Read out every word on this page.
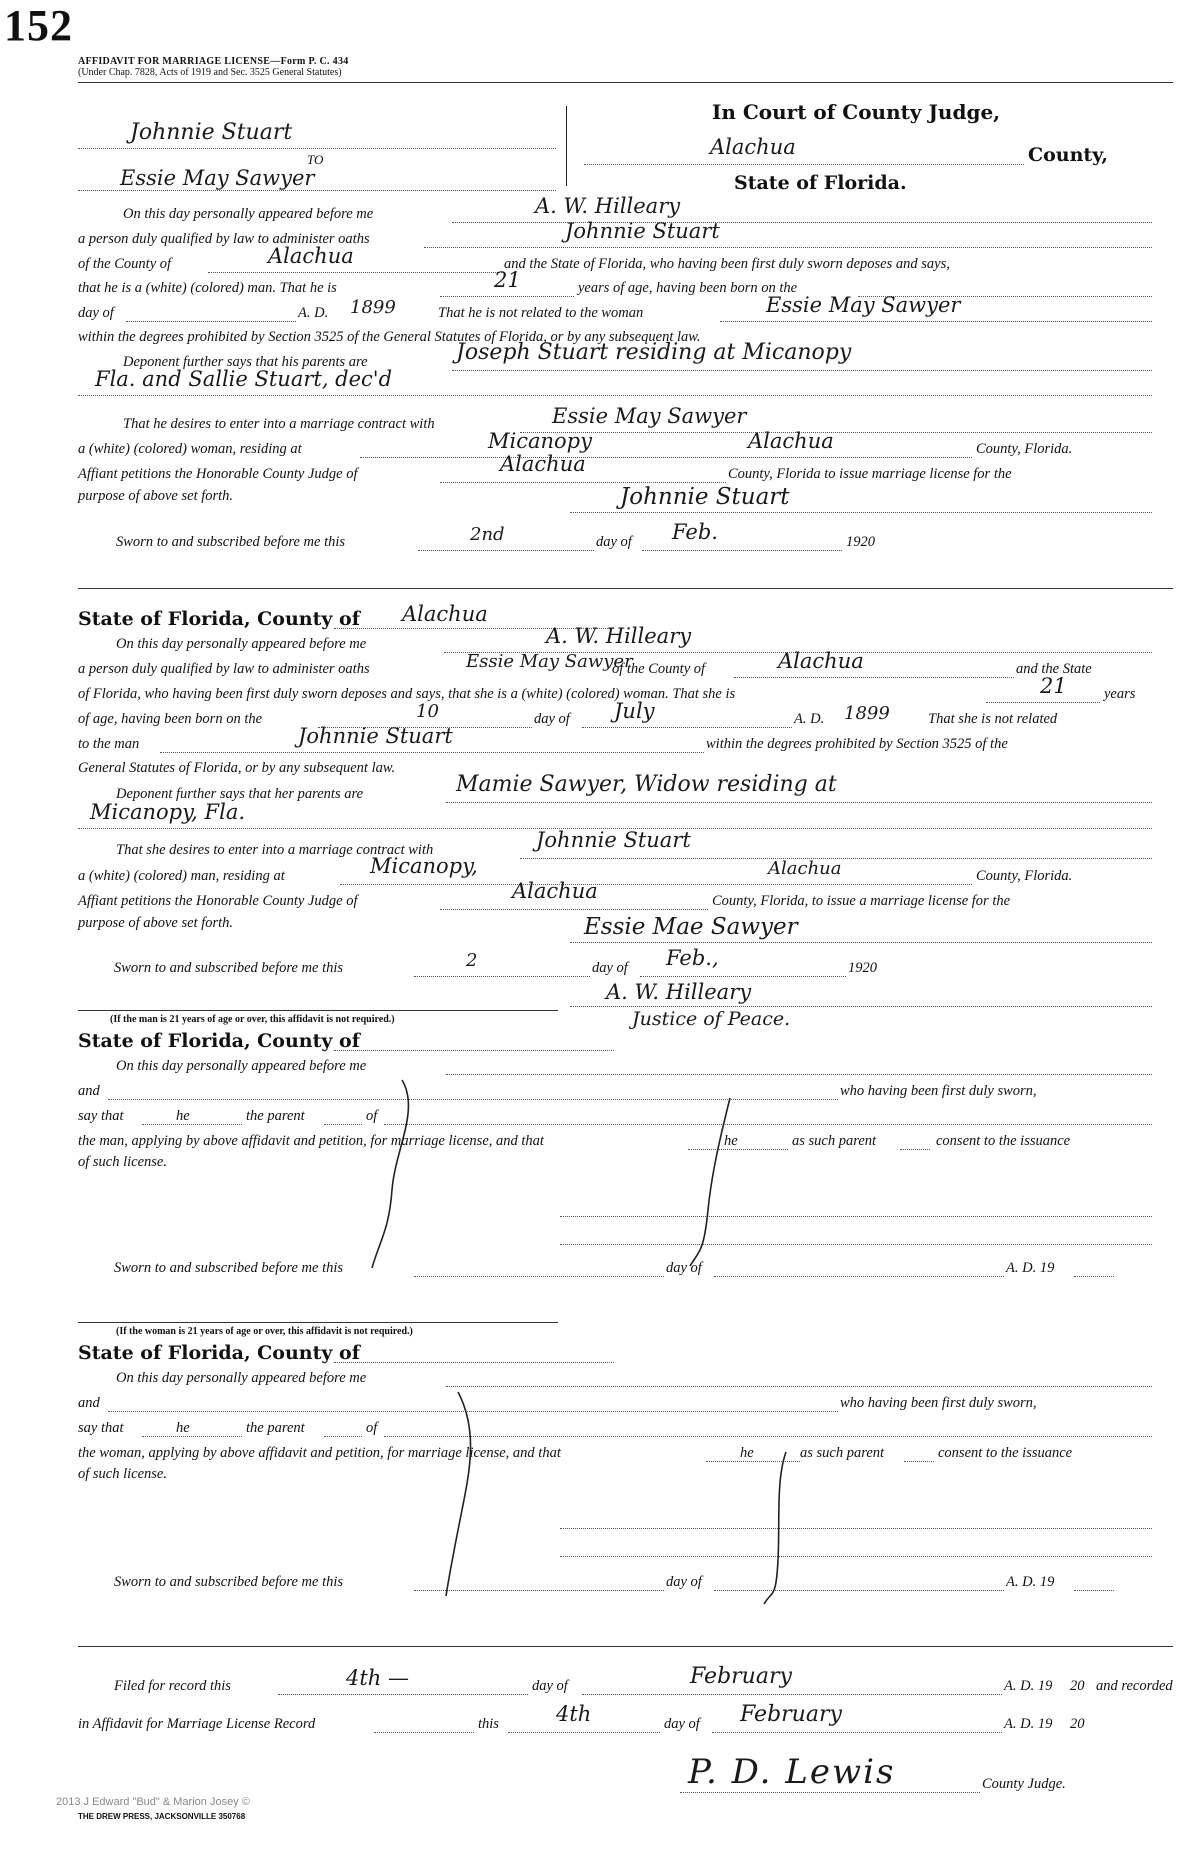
152
AFFIDAVIT FOR MARRIAGE LICENSE—Form P. C. 434
(Under Chap. 7828, Acts of 1919 and Sec. 3525 General Statutes)
In Court of County Judge,
Alachua	County,
State of Florida.
Johnnie Stuart
TO
Essie May Sawyer
On this day personally appeared before me	A. W. Hilleary
a person duly qualified by law to administer oaths	Johnnie Stuart
of the County of	Alachua	and the State of Florida, who having been first duly sworn deposes and says,
that he is a (white) (colored) man. That he is	21	years of age, having been born on the
day of	A. D. 1899	That he is not related to the woman	Essie May Sawyer
within the degrees prohibited by Section 3525 of the General Statutes of Florida, or by any subsequent law.
Deponent further says that his parents are	Joseph Stuart residing at Micanopy
Fla. and Sallie Stuart, dec'd
That he desires to enter into a marriage contract with	Essie May Sawyer
a (white) (colored) woman, residing at	Micanopy	Alachua	County, Florida.
Affiant petitions the Honorable County Judge of	Alachua	County, Florida to issue marriage license for the
purpose of above set forth.	Johnnie Stuart
Sworn to and subscribed before me this	2nd	day of Feb.	1920
State of Florida, County of Alachua
On this day personally appeared before me	A. W. Hilleary
a person duly qualified by law to administer oaths	Essie May Sawyer
of the County of	Alachua	and the State
of Florida, who having been first duly sworn deposes and says, that she is a (white) (colored) woman. That she is	21	years
of age, having been born on the	10	day of July	A. D. 1899	That she is not related
to the man	Johnnie Stuart	within the degrees prohibited by Section 3525 of the
General Statutes of Florida, or by any subsequent law.
Deponent further says that her parents are	Mamie Sawyer, Widow residing at
Micanopy, Fla.
That she desires to enter into a marriage contract with	Johnnie Stuart
a (white) (colored) man, residing at	Micanopy,	Alachua	County, Florida.
Affiant petitions the Honorable County Judge of	Alachua	County, Florida, to issue a marriage license for the
purpose of above set forth.	Essie Mae Sawyer
Sworn to and subscribed before me this	2	day of Feb.,	1920
A. W. Hilleary
Justice of Peace.
(If the man is 21 years of age or over, this affidavit is not required.)
State of Florida, County of
On this day personally appeared before me
and	who having been first duly sworn,
say that	he	the parent	of
the man, applying by above affidavit and petition, for marriage license, and that	he	as such parent	consent to the issuance
of such license.
Sworn to and subscribed before me this	day of	A. D. 19
(If the woman is 21 years of age or over, this affidavit is not required.)
State of Florida, County of
On this day personally appeared before me
and	who having been first duly sworn,
say that	he	the parent	of
the woman, applying by above affidavit and petition, for marriage license, and that	he	as such parent	consent to the issuance
of such license.
Sworn to and subscribed before me this	day of	A. D. 19
Filed for record this	4th —	day of	February	A. D. 19 20 and recorded
in Affidavit for Marriage License Record	this	4th	day of February	A. D. 19 20
P. D. Lewis	County Judge.
2013 J Edward "Bud" & Marion Josey ©
THE DREW PRESS, JACKSONVILLE 350768
